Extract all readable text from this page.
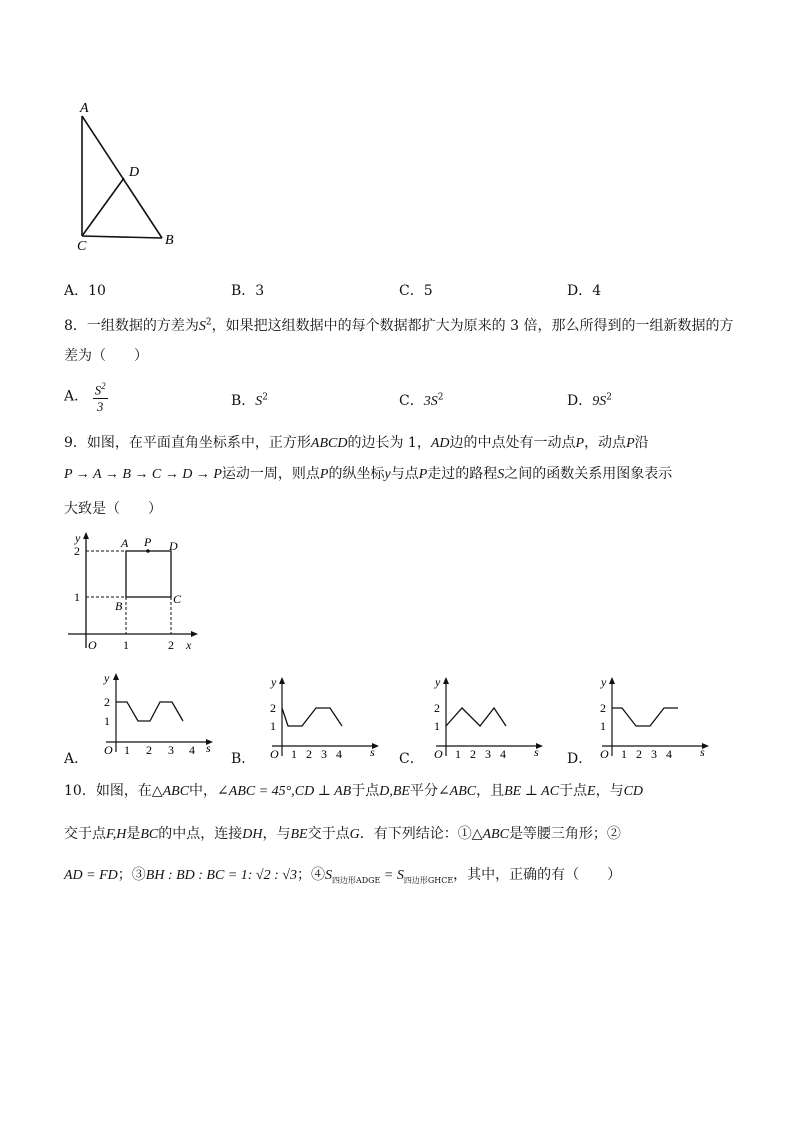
A
D
C	B
A．10	B．3	C．5	D．4
8．一组数据的方差为$S^2$，如果把这组数据中的每个数据都扩大为原来的 3 倍，那么所得到的一组新数据的方
差为（　　）
A． $\frac{S^2}{3}$	B．$S^2$	C．$3S^2$	D．$9S^2$
9．如图，在平面直角坐标系中，正方形ABCD的边长为 1，AD边的中点处有一动点P，动点P沿
P → A → B → C → D → P运动一周，则点P的纵坐标y与点P走过的路程S之间的函数关系用图象表示
大致是（　　）
y
2
1
A P D
B	C
O 1	2 x
y
2
1
O 1 2 3 4 s
A．
y
2
1
O 1 2 3 4 s
B．
y
2
1
O 1 2 3 4 s
C．
y
2
1
O 1 2 3 4 s
D．
10．如图，在△ABC中，∠ABC = 45°,CD ⊥ AB于点D,BE平分∠ABC，且BE ⊥ AC于点E，与CD
交于点F,H是BC的中点，连接DH，与BE交于点G．有下列结论：①△ABC是等腰三角形；②
AD = FD；③BH : BD : BC = 1: √2 : √3；$④S_{四边形ADGE} = S_{四边形GHCE}$，其中，正确的有（　　）
